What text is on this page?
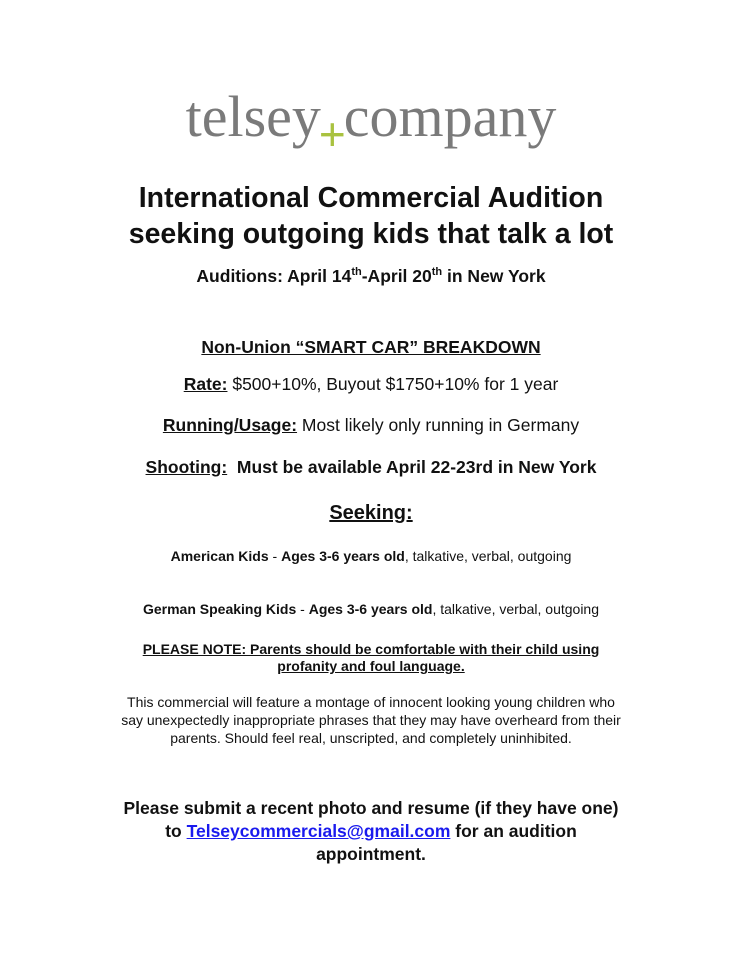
telsey$_+$company
International Commercial Audition
seeking outgoing kids that talk a lot
Auditions: April 14th-April 20th in New York
Non-Union “SMART CAR” BREAKDOWN
Rate: $500+10%, Buyout $1750+10% for 1 year
Running/Usage: Most likely only running in Germany
Shooting:  Must be available April 22-23rd in New York
Seeking:
American Kids - Ages 3-6 years old, talkative, verbal, outgoing
German Speaking Kids - Ages 3-6 years old, talkative, verbal, outgoing
PLEASE NOTE: Parents should be comfortable with their child using
profanity and foul language.
This commercial will feature a montage of innocent looking young children who
say unexpectedly inappropriate phrases that they may have overheard from their
parents. Should feel real, unscripted, and completely uninhibited.
Please submit a recent photo and resume (if they have one)
to Telseycommercials@gmail.com for an audition
appointment.
